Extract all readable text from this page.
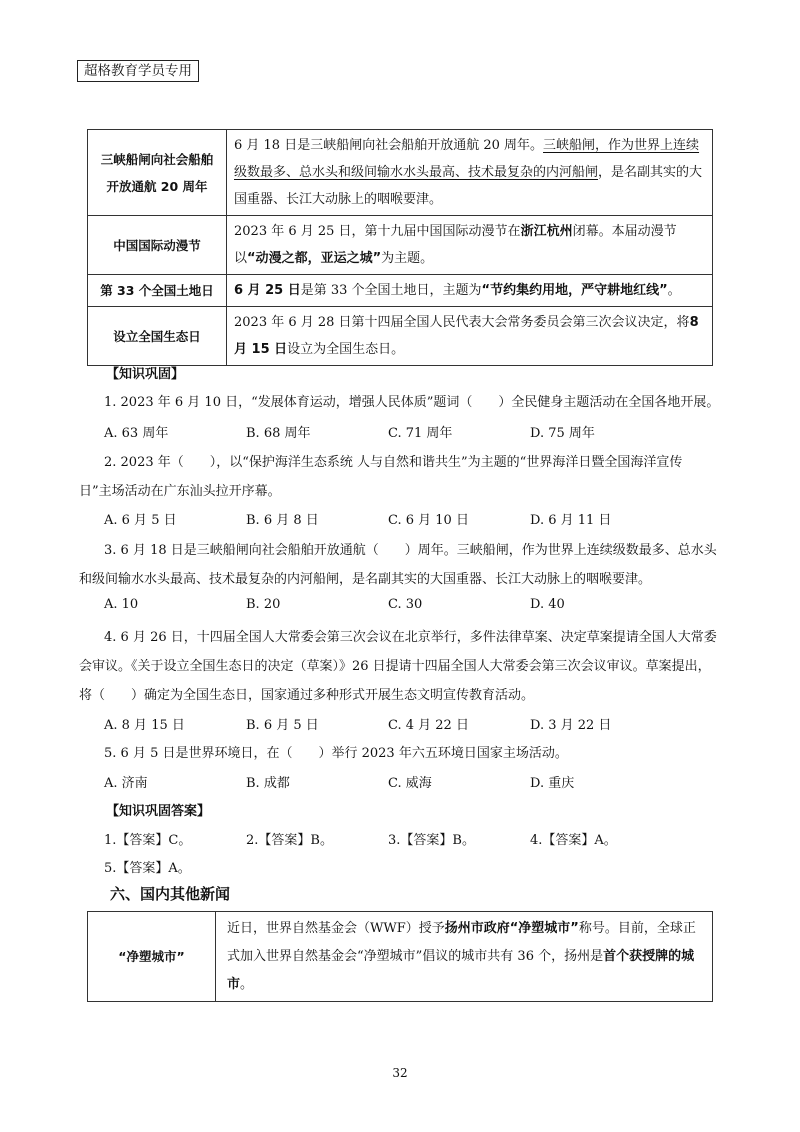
超格教育学员专用
三峡船闸向社会船舶
开放通航 20 周年	6 月 18 日是三峡船闸向社会船舶开放通航 20 周年。三峡船闸，作为世界上连续级数最多、总水头和级间输水水头最高、技术最复杂的内河船闸，是名副其实的大国重器、长江大动脉上的咽喉要津。
中国国际动漫节	2023 年 6 月 25 日，第十九届中国国际动漫节在浙江杭州闭幕。本届动漫节以“动漫之都，亚运之城”为主题。
第 33 个全国土地日	6 月 25 日是第 33 个全国土地日，主题为“节约集约用地，严守耕地红线”。
设立全国生态日	2023 年 6 月 28 日第十四届全国人民代表大会常务委员会第三次会议决定，将8月 15 日设立为全国生态日。
【知识巩固】
1. 2023 年 6 月 10 日，“发展体育运动，增强人民体质”题词（　　）全民健身主题活动在全国各地开展。
A. 63 周年	B. 68 周年	C. 71 周年	D. 75 周年
2. 2023 年（　　），以“保护海洋生态系统 人与自然和谐共生”为主题的“世界海洋日暨全国海洋宣传
日”主场活动在广东汕头拉开序幕。
A. 6 月 5 日	B. 6 月 8 日	C. 6 月 10 日	D. 6 月 11 日
3. 6 月 18 日是三峡船闸向社会船舶开放通航（　　）周年。三峡船闸，作为世界上连续级数最多、总水头
和级间输水水头最高、技术最复杂的内河船闸，是名副其实的大国重器、长江大动脉上的咽喉要津。
A. 10	B. 20	C. 30	D. 40
4. 6 月 26 日，十四届全国人大常委会第三次会议在北京举行，多件法律草案、决定草案提请全国人大常委
会审议。《关于设立全国生态日的决定（草案）》26 日提请十四届全国人大常委会第三次会议审议。草案提出，
将（　　）确定为全国生态日，国家通过多种形式开展生态文明宣传教育活动。
A. 8 月 15 日	B. 6 月 5 日	C. 4 月 22 日	D. 3 月 22 日
5. 6 月 5 日是世界环境日，在（　　）举行 2023 年六五环境日国家主场活动。
A. 济南	B. 成都	C. 威海	D. 重庆
【知识巩固答案】
1.【答案】C。	2.【答案】B。	3.【答案】B。	4.【答案】A。
5.【答案】A。
六、国内其他新闻
“净塑城市”	近日，世界自然基金会（WWF）授予扬州市政府“净塑城市”称号。目前，全球正式加入世界自然基金会“净塑城市”倡议的城市共有 36 个，扬州是首个获授牌的城市。
32
